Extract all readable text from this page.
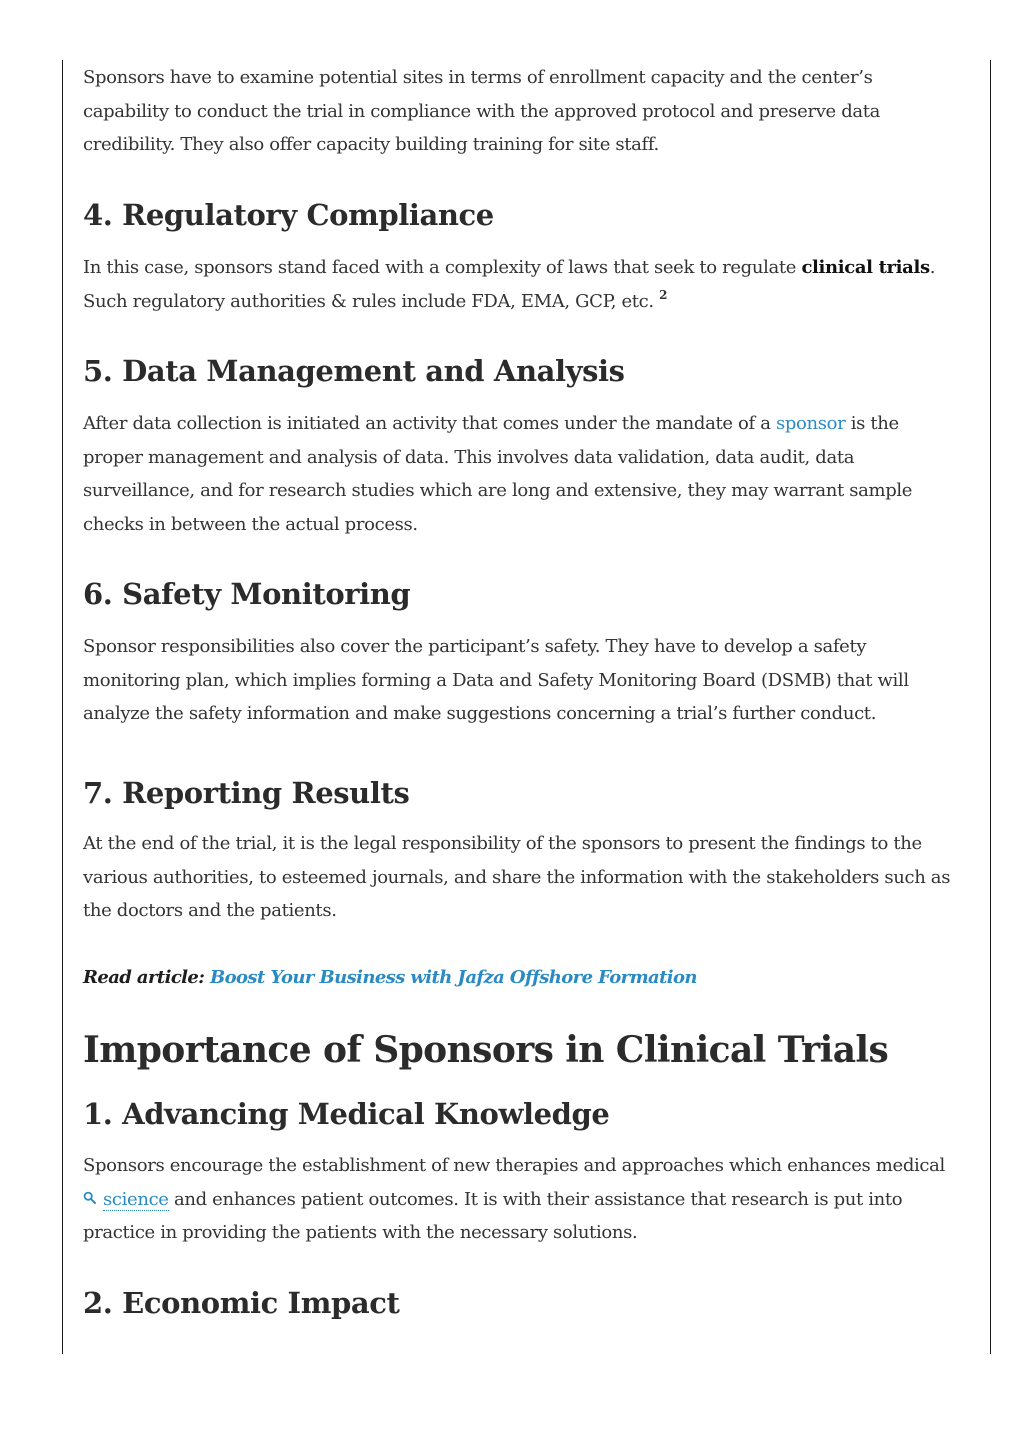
Sponsors have to examine potential sites in terms of enrollment capacity and the center’s capability to conduct the trial in compliance with the approved protocol and preserve data credibility. They also offer capacity building training for site staff.

4. Regulatory Compliance

In this case, sponsors stand faced with a complexity of laws that seek to regulate clinical trials. Such regulatory authorities & rules include FDA, EMA, GCP, etc. $^2$

5. Data Management and Analysis

After data collection is initiated an activity that comes under the mandate of a sponsor is the proper management and analysis of data. This involves data validation, data audit, data surveillance, and for research studies which are long and extensive, they may warrant sample checks in between the actual process.

6. Safety Monitoring

Sponsor responsibilities also cover the participant’s safety. They have to develop a safety monitoring plan, which implies forming a Data and Safety Monitoring Board (DSMB) that will analyze the safety information and make suggestions concerning a trial’s further conduct.

7. Reporting Results

At the end of the trial, it is the legal responsibility of the sponsors to present the findings to the various authorities, to esteemed journals, and share the information with the stakeholders such as the doctors and the patients.

Read article: Boost Your Business with Jafza Offshore Formation

Importance of Sponsors in Clinical Trials
1. Advancing Medical Knowledge

Sponsors encourage the establishment of new therapies and approaches which enhances medical science and enhances patient outcomes. It is with their assistance that research is put into practice in providing the patients with the necessary solutions.

2. Economic Impact
